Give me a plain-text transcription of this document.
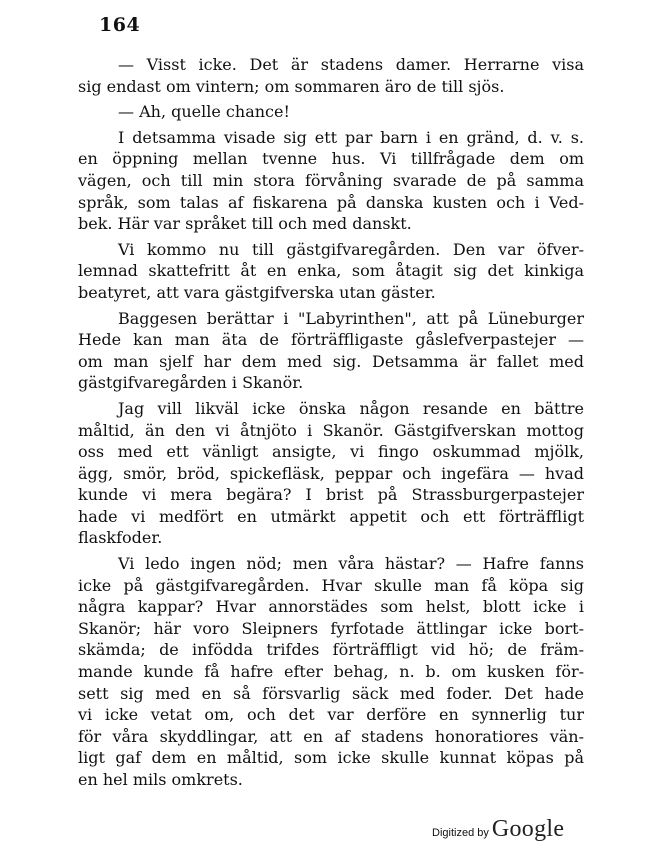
164
— Visst icke. Det är stadens damer. Herrarne visa
sig endast om vintern; om sommaren äro de till sjös.
— Ah, quelle chance!
I detsamma visade sig ett par barn i en gränd, d. v. s.
en öppning mellan tvenne hus. Vi tillfrågade dem om
vägen, och till min stora förvåning svarade de på samma
språk, som talas af fiskarena på danska kusten och i Ved-
bek. Här var språket till och med danskt.
Vi kommo nu till gästgifvaregården. Den var öfver-
lemnad skattefritt åt en enka, som åtagit sig det kinkiga
beatyret, att vara gästgifverska utan gäster.
Baggesen berättar i "Labyrinthen", att på Lüneburger
Hede kan man äta de förträffligaste gåslefverpastejer —
om man sjelf har dem med sig. Detsamma är fallet med
gästgifvaregården i Skanör.
Jag vill likväl icke önska någon resande en bättre
måltid, än den vi åtnjöto i Skanör. Gästgifverskan mottog
oss med ett vänligt ansigte, vi fingo oskummad mjölk,
ägg, smör, bröd, spickefläsk, peppar och ingefära — hvad
kunde vi mera begära? I brist på Strassburgerpastejer
hade vi medfört en utmärkt appetit och ett förträffligt
flaskfoder.
Vi ledo ingen nöd; men våra hästar? — Hafre fanns
icke på gästgifvaregården. Hvar skulle man få köpa sig
några kappar? Hvar annorstädes som helst, blott icke i
Skanör; här voro Sleipners fyrfotade ättlingar icke bort-
skämda; de infödda trifdes förträffligt vid hö; de främ-
mande kunde få hafre efter behag, n. b. om kusken för-
sett sig med en så försvarlig säck med foder. Det hade
vi icke vetat om, och det var derföre en synnerlig tur
för våra skyddlingar, att en af stadens honoratiores vän-
ligt gaf dem en måltid, som icke skulle kunnat köpas på
en hel mils omkrets.
Digitized by Google
